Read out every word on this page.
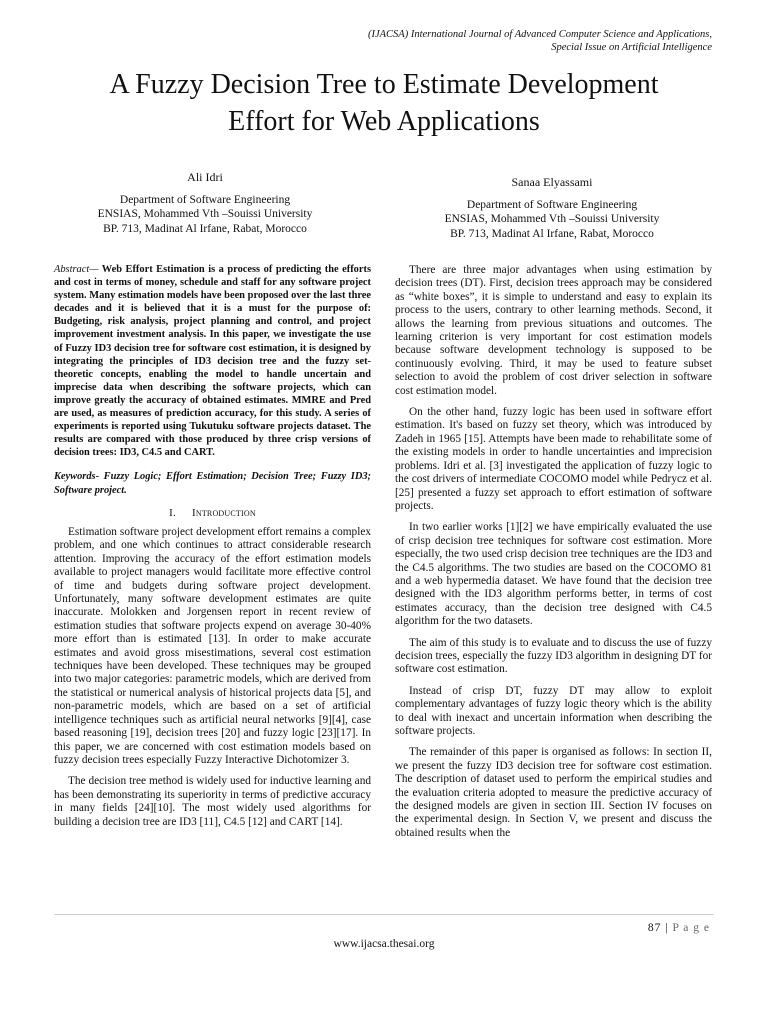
(IJACSA) International Journal of Advanced Computer Science and Applications,
Special Issue on Artificial Intelligence
A Fuzzy Decision Tree to Estimate Development
Effort for Web Applications
Ali Idri
Department of Software Engineering
ENSIAS, Mohammed Vth –Souissi University
BP. 713, Madinat Al Irfane, Rabat, Morocco
Sanaa Elyassami
Department of Software Engineering
ENSIAS, Mohammed Vth –Souissi University
BP. 713, Madinat Al Irfane, Rabat, Morocco

Abstract— Web Effort Estimation is a process of predicting the efforts and cost in terms of money, schedule and staff for any software project system. Many estimation models have been proposed over the last three decades and it is believed that it is a must for the purpose of: Budgeting, risk analysis, project planning and control, and project improvement investment analysis. In this paper, we investigate the use of Fuzzy ID3 decision tree for software cost estimation, it is designed by integrating the principles of ID3 decision tree and the fuzzy set-theoretic concepts, enabling the model to handle uncertain and imprecise data when describing the software projects, which can improve greatly the accuracy of obtained estimates. MMRE and Pred are used, as measures of prediction accuracy, for this study. A series of experiments is reported using Tukutuku software projects dataset. The results are compared with those produced by three crisp versions of decision trees: ID3, C4.5 and CART.

Keywords- Fuzzy Logic; Effort Estimation; Decision Tree; Fuzzy ID3; Software project.

I. Introduction

Estimation software project development effort remains a complex problem, and one which continues to attract considerable research attention. Improving the accuracy of the effort estimation models available to project managers would facilitate more effective control of time and budgets during software project development. Unfortunately, many software development estimates are quite inaccurate. Molokken and Jorgensen report in recent review of estimation studies that software projects expend on average 30-40% more effort than is estimated [13]. In order to make accurate estimates and avoid gross misestimations, several cost estimation techniques have been developed. These techniques may be grouped into two major categories: parametric models, which are derived from the statistical or numerical analysis of historical projects data [5], and non-parametric models, which are based on a set of artificial intelligence techniques such as artificial neural networks [9][4], case based reasoning [19], decision trees [20] and fuzzy logic [23][17]. In this paper, we are concerned with cost estimation models based on fuzzy decision trees especially Fuzzy Interactive Dichotomizer 3.

The decision tree method is widely used for inductive learning and has been demonstrating its superiority in terms of predictive accuracy in many fields [24][10]. The most widely used algorithms for building a decision tree are ID3 [11], C4.5 [12] and CART [14].

There are three major advantages when using estimation by decision trees (DT). First, decision trees approach may be considered as “white boxes”, it is simple to understand and easy to explain its process to the users, contrary to other learning methods. Second, it allows the learning from previous situations and outcomes. The learning criterion is very important for cost estimation models because software development technology is supposed to be continuously evolving. Third, it may be used to feature subset selection to avoid the problem of cost driver selection in software cost estimation model.

On the other hand, fuzzy logic has been used in software effort estimation. It's based on fuzzy set theory, which was introduced by Zadeh in 1965 [15]. Attempts have been made to rehabilitate some of the existing models in order to handle uncertainties and imprecision problems. Idri et al. [3] investigated the application of fuzzy logic to the cost drivers of intermediate COCOMO model while Pedrycz et al. [25] presented a fuzzy set approach to effort estimation of software projects.

In two earlier works [1][2] we have empirically evaluated the use of crisp decision tree techniques for software cost estimation. More especially, the two used crisp decision tree techniques are the ID3 and the C4.5 algorithms. The two studies are based on the COCOMO 81 and a web hypermedia dataset. We have found that the decision tree designed with the ID3 algorithm performs better, in terms of cost estimates accuracy, than the decision tree designed with C4.5 algorithm for the two datasets.

The aim of this study is to evaluate and to discuss the use of fuzzy decision trees, especially the fuzzy ID3 algorithm in designing DT for software cost estimation.

Instead of crisp DT, fuzzy DT may allow to exploit complementary advantages of fuzzy logic theory which is the ability to deal with inexact and uncertain information when describing the software projects.

The remainder of this paper is organised as follows: In section II, we present the fuzzy ID3 decision tree for software cost estimation. The description of dataset used to perform the empirical studies and the evaluation criteria adopted to measure the predictive accuracy of the designed models are given in section III. Section IV focuses on the experimental design. In Section V, we present and discuss the obtained results when the

87 | P a g e
www.ijacsa.thesai.org
